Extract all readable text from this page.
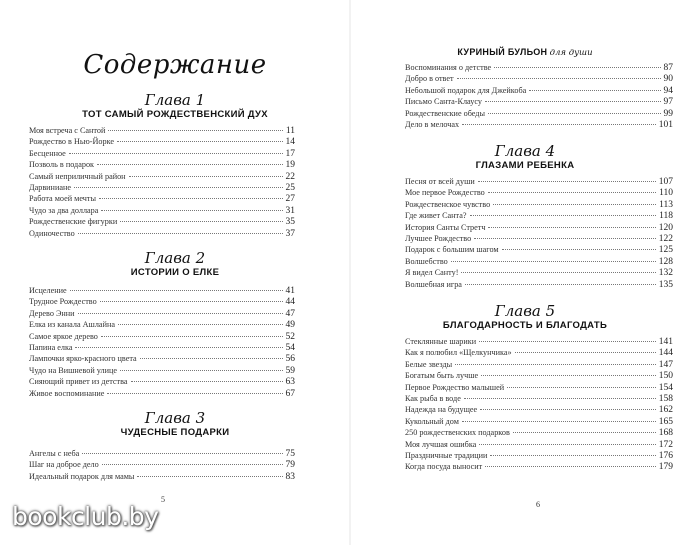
Содержание
Глава 1
ТОТ САМЫЙ РОЖДЕСТВЕНСКИЙ ДУХ
Моя встреча с Сантой	11
Рождество в Нью-Йорке	14
Бесценное	17
Позволь в подарок	19
Самый неприличный район	22
Дарвиниане	25
Работа моей мечты	27
Чудо за два доллара	31
Рождественские фигурки	35
Одиночество	37
Глава 2
ИСТОРИИ О ЕЛКЕ
Исцеление	41
Трудное Рождество	44
Дерево Энни	47
Елка из канала Ашлайна	49
Самое яркое дерево	52
Папина елка	54
Лампочки ярко-красного цвета	56
Чудо на Вишневой улице	59
Сияющий привет из детства	63
Живое воспоминание	67
Глава 3
ЧУДЕСНЫЕ ПОДАРКИ
Ангелы с неба	75
Шаг на доброе дело	79
Идеальный подарок для мамы	83
5
КУРИНЫЙ БУЛЬОН для души
Воспоминания о детстве	87
Добро в ответ	90
Небольшой подарок для Джейкоба	94
Письмо Санта-Клаусу	97
Рождественские обеды	99
Дело в мелочах	101
Глава 4
ГЛАЗАМИ РЕБЕНКА
Песня от всей души	107
Мое первое Рождество	110
Рождественское чувство	113
Где живет Санта?	118
История Санты Стретч	120
Лучшее Рождество	122
Подарок с большим шагом	125
Волшебство	128
Я видел Санту!	132
Волшебная игра	135
Глава 5
БЛАГОДАРНОСТЬ И БЛАГОДАТЬ
Стеклянные шарики	141
Как я полюбил «Щелкунчика»	144
Белые звезды	147
Богатым быть лучше	150
Первое Рождество малышей	154
Как рыба в воде	158
Надежда на будущее	162
Кукольный дом	165
250 рождественских подарков	168
Моя лучшая ошибка	172
Праздничные традиции	176
Когда посуда выносит	179
6
bookclub.by
